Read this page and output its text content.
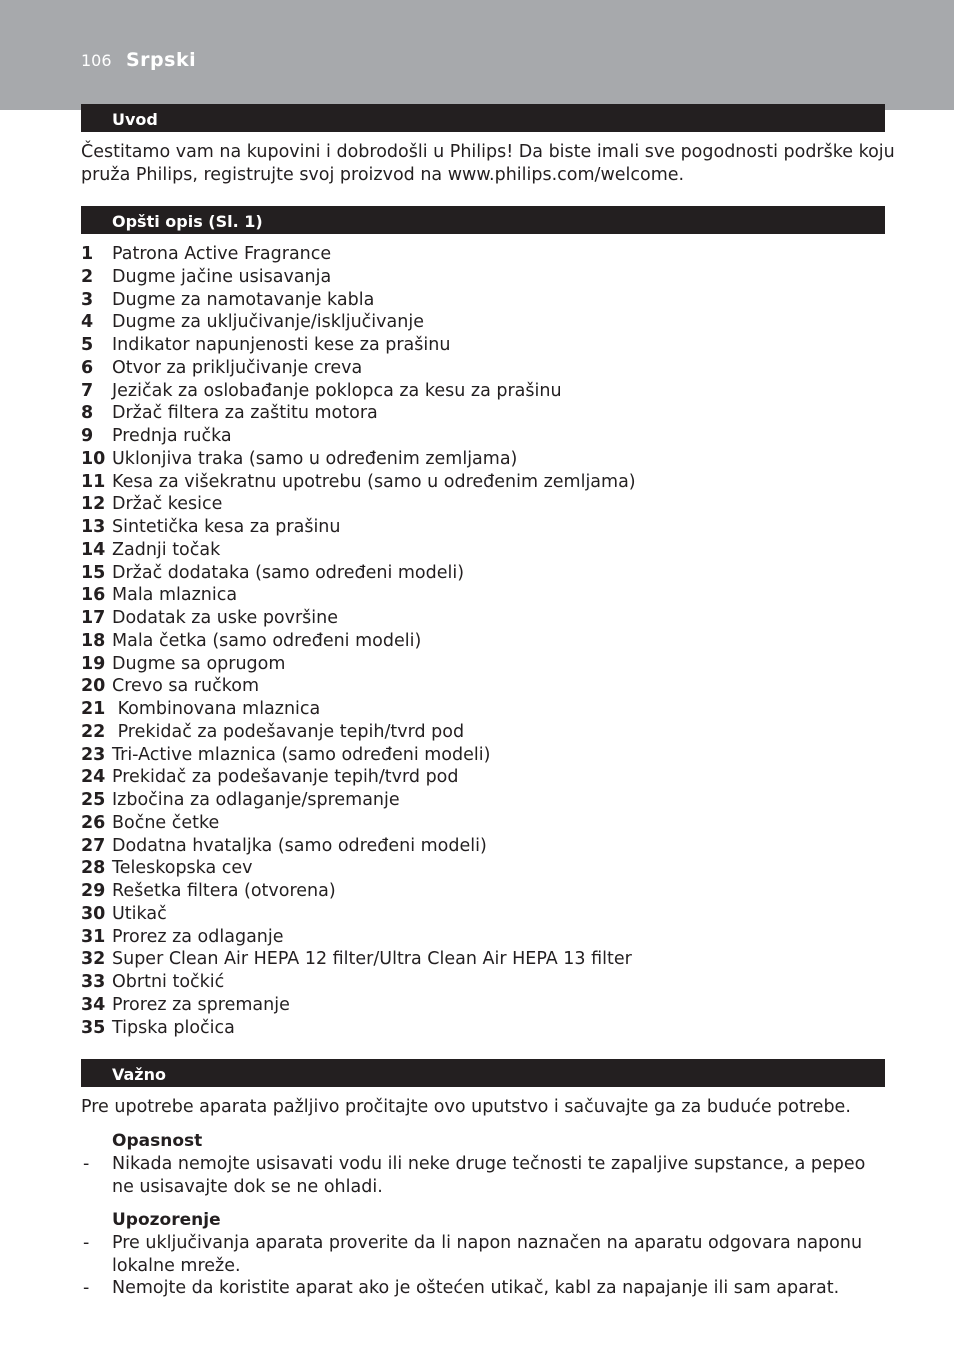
106 Srpski
Uvod

Čestitamo vam na kupovini i dobrodošli u Philips! Da biste imali sve pogodnosti podrške koju pruža Philips, registrujte svoj proizvod na www.philips.com/welcome.

Opšti opis (Sl. 1)
1	Patrona Active Fragrance
2	Dugme jačine usisavanja
3	Dugme za namotavanje kabla
4	Dugme za uključivanje/isključivanje
5	Indikator napunjenosti kese za prašinu
6	Otvor za priključivanje creva
7	Jezičak za oslobađanje poklopca za kesu za prašinu
8	Držač filtera za zaštitu motora
9	Prednja ručka
10 Uklonjiva traka (samo u određenim zemljama)
11 Kesa za višekratnu upotrebu (samo u određenim zemljama)
12 Držač kesice
13 Sintetička kesa za prašinu
14 Zadnji točak
15 Držač dodataka (samo određeni modeli)
16 Mala mlaznica
17 Dodatak za uske površine
18 Mala četka (samo određeni modeli)
19 Dugme sa oprugom
20 Crevo sa ručkom
21 Kombinovana mlaznica
22 Prekidač za podešavanje tepih/tvrd pod
23 Tri-Active mlaznica (samo određeni modeli)
24 Prekidač za podešavanje tepih/tvrd pod
25 Izbočina za odlaganje/spremanje
26 Bočne četke
27 Dodatna hvataljka (samo određeni modeli)
28 Teleskopska cev
29 Rešetka filtera (otvorena)
30 Utikač
31 Prorez za odlaganje
32 Super Clean Air HEPA 12 filter/Ultra Clean Air HEPA 13 filter
33 Obrtni točkić
34 Prorez za spremanje
35 Tipska pločica
Važno

Pre upotrebe aparata pažljivo pročitajte ovo uputstvo i sačuvajte ga za buduće potrebe.

Opasnost
-	Nikada nemojte usisavati vodu ili neke druge tečnosti te zapaljive supstance, a pepeo ne usisavajte dok se ne ohladi.
Upozorenje
-	Pre uključivanja aparata proverite da li napon naznačen na aparatu odgovara naponu lokalne mreže.
-	Nemojte da koristite aparat ako je oštećen utikač, kabl za napajanje ili sam aparat.
